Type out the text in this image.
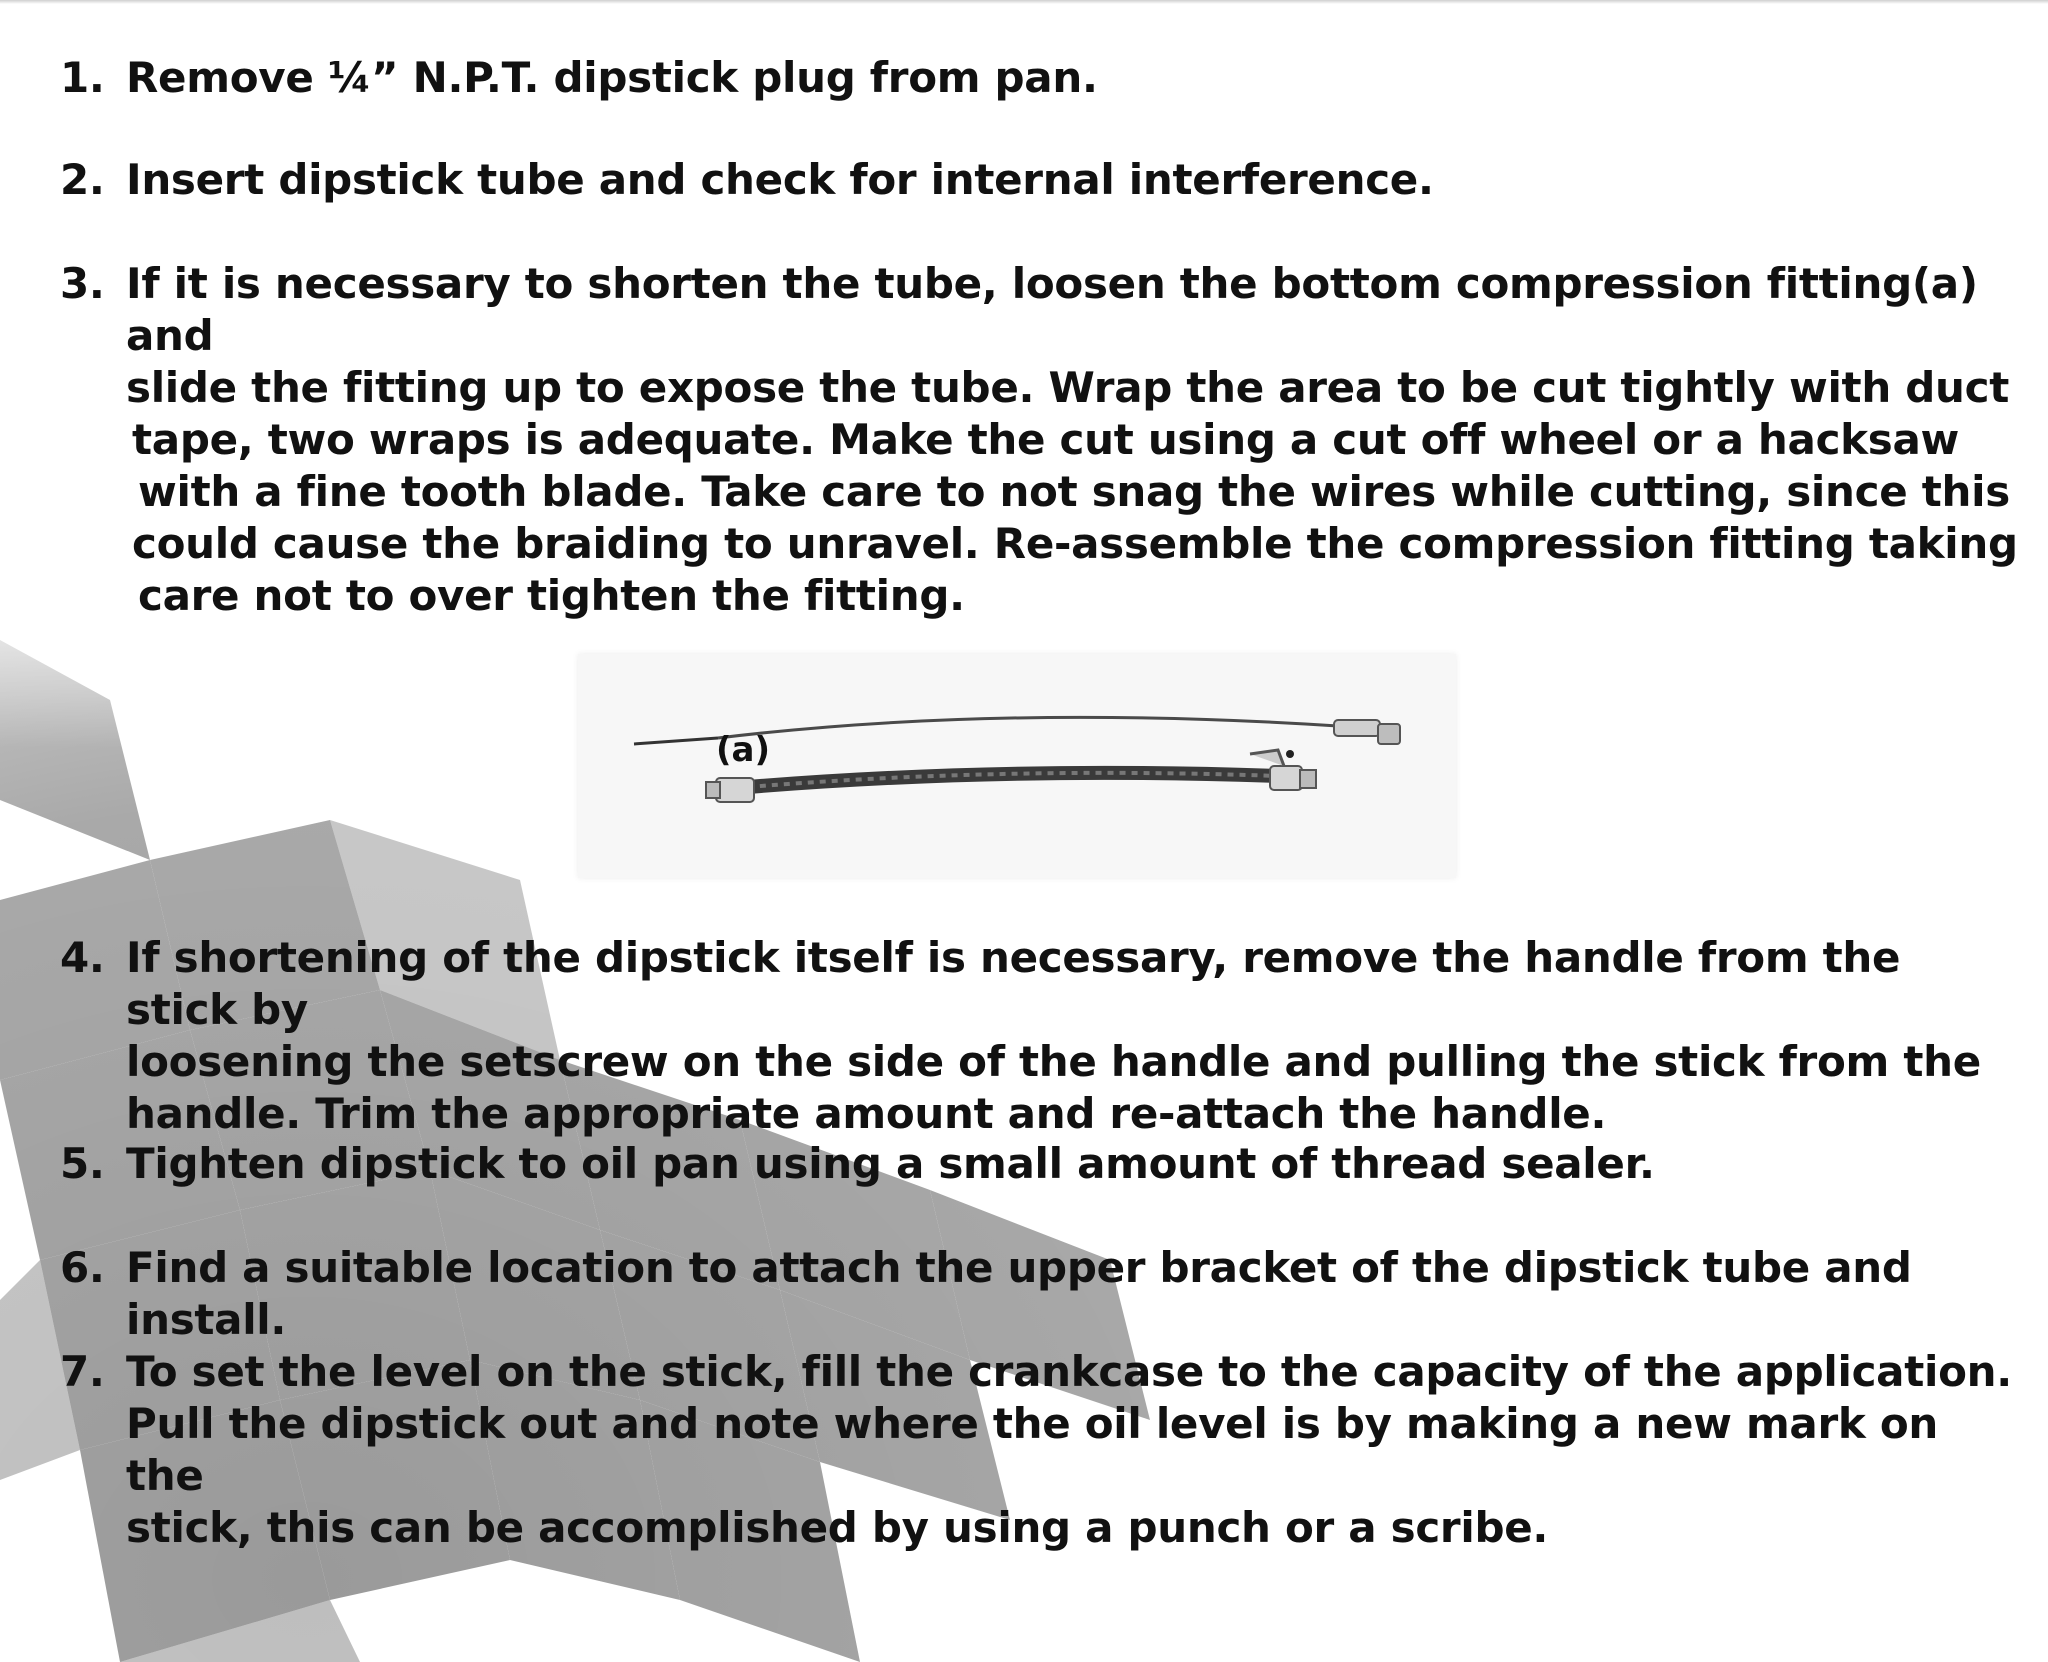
1. Remove ¼” N.P.T. dipstick plug from pan.
2. Insert dipstick tube and check for internal interference.
3. If it is necessary to shorten the tube, loosen the bottom compression fitting(a) and
slide the fitting up to expose the tube. Wrap the area to be cut tightly with duct
tape, two wraps is adequate. Make the cut using a cut off wheel or a hacksaw
with a fine tooth blade. Take care to not snag the wires while cutting, since this
could cause the braiding to unravel. Re-assemble the compression fitting taking
care not to over tighten the fitting.
(a)
4. If shortening of the dipstick itself is necessary, remove the handle from the stick by
loosening the setscrew on the side of the handle and pulling the stick from the
handle. Trim the appropriate amount and re-attach the handle.
5. Tighten dipstick to oil pan using a small amount of thread sealer.
6. Find a suitable location to attach the upper bracket of the dipstick tube and install.
7. To set the level on the stick, fill the crankcase to the capacity of the application.
Pull the dipstick out and note where the oil level is by making a new mark on the
stick, this can be accomplished by using a punch or a scribe.
